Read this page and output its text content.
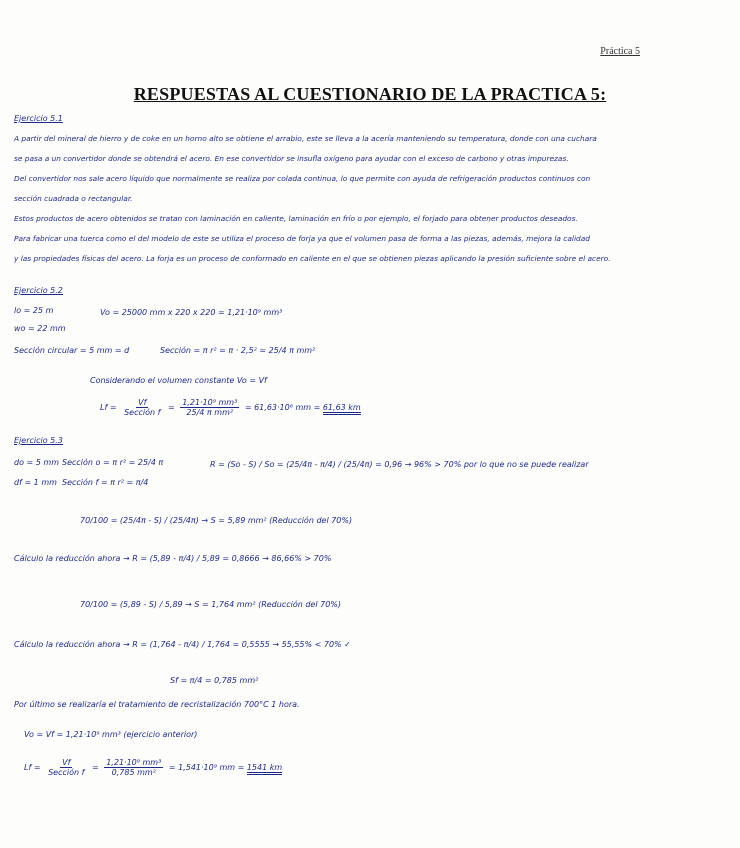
Práctica 5
RESPUESTAS AL CUESTIONARIO DE LA PRACTICA 5:
Ejercicio 5.1
A partir del mineral de hierro y de coke en un horno alto se obtiene el arrabio, este se lleva a la acería manteniendo su temperatura, donde con una cuchara
se pasa a un convertidor donde se obtendrá el acero. En ese convertidor se insufla oxígeno para ayudar con el exceso de carbono y otras impurezas.
Del convertidor nos sale acero líquido que normalmente se realiza por colada continua, lo que permite con ayuda de refrigeración productos continuos con
sección cuadrada o rectangular.
Estos productos de acero obtenidos se tratan con laminación en caliente, laminación en frío o por ejemplo, el forjado para obtener productos deseados.
Para fabricar una tuerca como el del modelo de este se utiliza el proceso de forja ya que el volumen pasa de forma a las piezas, además, mejora la calidad
y las propiedades físicas del acero. La forja es un proceso de conformado en caliente en el que se obtienen piezas aplicando la presión suficiente sobre el acero.
Ejercicio 5.2
lo = 25 m	Vo = 25000 mm x 220 x 220 = 1,21·10⁹ mm³
wo = 22 mm
Sección circular = 5 mm = d	Sección = π r² = π · 2,5² = 25/4 π mm²
Considerando el volumen constante Vo = Vf
$Lf = \frac{Vf}{\text{Sección f}} = \frac{\text{1,21·10⁹ mm³}}{\text{25/4 π mm²}} = 61,63\cdot 10^6$ mm = 61,63 km
Ejercicio 5.3
do = 5 mm Sección o = π r² = 25/4 π
df = 1 mm Sección f = π r² = π/4
R = (So - S) / So = (25/4π - π/4) / (25/4π) = 0,96 → 96% > 70% por lo que no se puede realizar
70/100 = (25/4π - S) / (25/4π) → S = 5,89 mm² (Reducción del 70%)
Cálculo la reducción ahora → R = (5,89 - π/4) / 5,89 = 0,8666 → 86,66% > 70%
70/100 = (5,89 - S) / 5,89 → S = 1,764 mm² (Reducción del 70%)
Cálculo la reducción ahora → R = (1,764 - π/4) / 1,764 = 0,5555 → 55,55% < 70% ✓
Sf = π/4 = 0,785 mm²
Por último se realizaría el tratamiento de recristalización 700°C 1 hora.
Vo = Vf = 1,21·10⁹ mm³ (ejercicio anterior)
$Lf = \frac{Vf}{\text{Sección f}} = \frac{\text{1,21·10⁹ mm³}}{\text{0,785 mm²}} = 1,541\cdot 10^9$ mm = 1541 km
